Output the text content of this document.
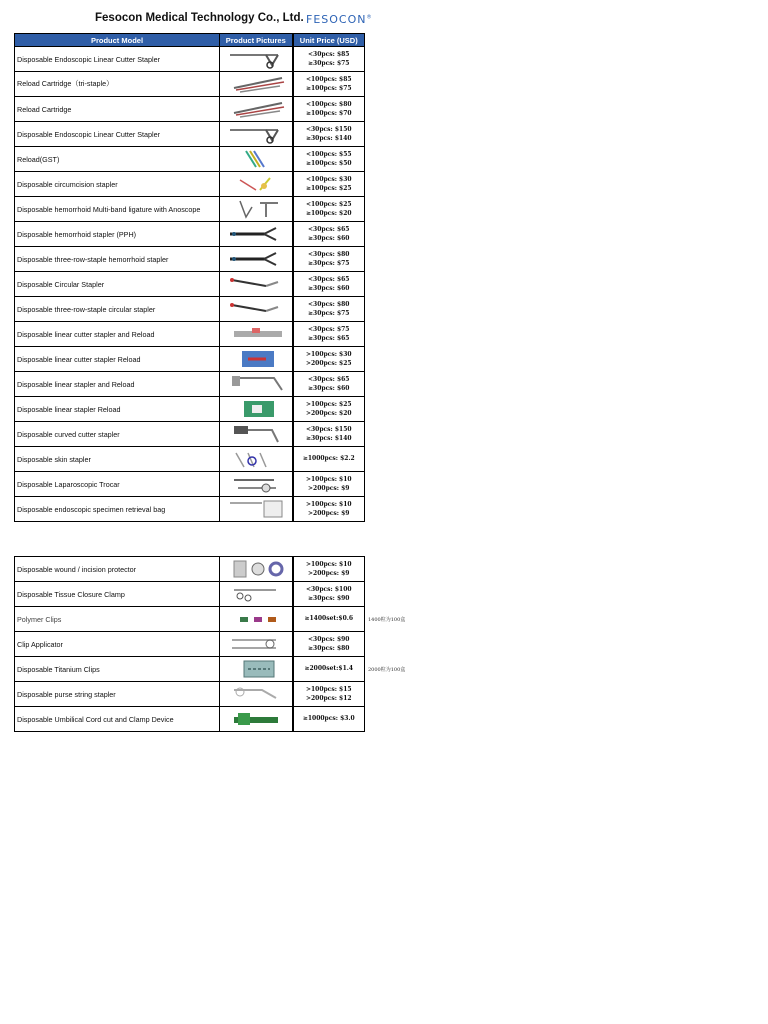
Fesocon Medical Technology Co., Ltd. FESOCON®
Product Model	Product Pictures	Unit Price (USD)
Disposable Endoscopic Linear Cutter Stapler		<30pcs: $85
≥30pcs: $75

Reload Cartridge（tri-staple）		<100pcs: $85
≥100pcs: $75

Reload Cartridge		<100pcs: $80
≥100pcs: $70

Disposable Endoscopic Linear Cutter Stapler		<30pcs: $150
≥30pcs: $140

Reload(GST)		<100pcs: $55
≥100pcs: $50

Disposable circumcision stapler		<100pcs: $30
≥100pcs: $25

Disposable hemorrhoid Multi-band ligature with Anoscope		<100pcs: $25
≥100pcs: $20

Disposable hemorrhoid stapler (PPH)		<30pcs: $65
≥30pcs: $60

Disposable three-row-staple hemorrhoid stapler		<30pcs: $80
≥30pcs: $75

Disposable Circular Stapler		<30pcs: $65
≥30pcs: $60

Disposable three-row-staple circular stapler		<30pcs: $80
≥30pcs: $75

Disposable linear cutter stapler and Reload		<30pcs: $75
≥30pcs: $65

Disposable linear cutter stapler Reload		>100pcs: $30
>200pcs: $25

Disposable linear stapler and Reload		<30pcs: $65
≥30pcs: $60

Disposable linear stapler Reload		>100pcs: $25
>200pcs: $20

Disposable curved cutter stapler		<30pcs: $150
≥30pcs: $140

Disposable skin stapler		≥1000pcs: $2.2

Disposable Laparoscopic Trocar		>100pcs: $10
>200pcs: $9

Disposable endoscopic specimen retrieval bag		>100pcs: $10
>200pcs: $9
Disposable wound / incision protector		>100pcs: $10
>200pcs: $9	

Disposable Tissue Closure Clamp		<30pcs: $100
≥30pcs: $90	

Polymer Clips		≥1400set:$0.6	1400粒为100盒
Clip Applicator		<30pcs: $90
≥30pcs: $80	

Disposable Titanium Clips		≥2000set:$1.4	2000粒为100盒
Disposable purse string stapler		>100pcs: $15
>200pcs: $12	

Disposable Umbilical Cord cut and Clamp Device		≥1000pcs: $3.0	
